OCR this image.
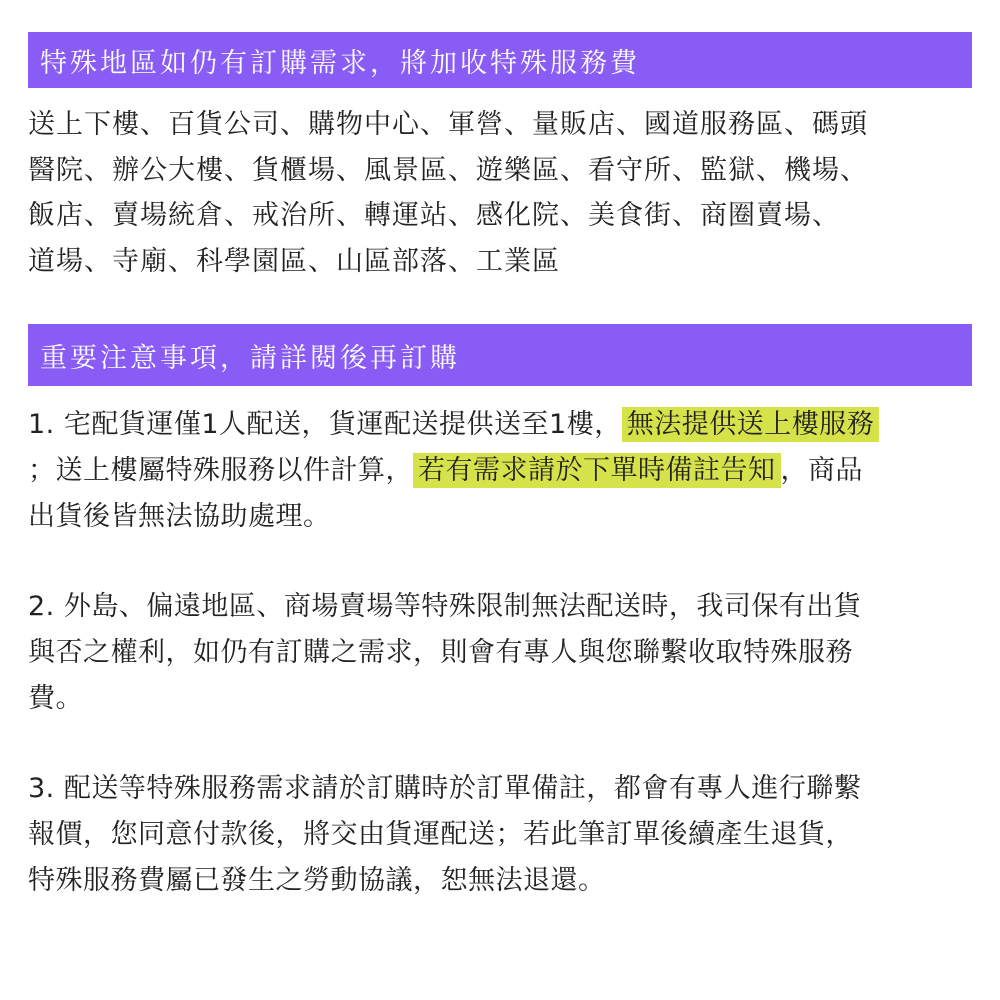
特殊地區如仍有訂購需求，將加收特殊服務費
送上下樓、百貨公司、購物中心、軍營、量販店、國道服務區、碼頭
醫院、辦公大樓、貨櫃場、風景區、遊樂區、看守所、監獄、機場、
飯店、賣場統倉、戒治所、轉運站、感化院、美食街、商圈賣場、
道場、寺廟、科學園區、山區部落、工業區
重要注意事項，請詳閱後再訂購
1. 宅配貨運僅1人配送，貨運配送提供送至1樓， 無法提供送上樓服務
；送上樓屬特殊服務以件計算， 若有需求請於下單時備註告知 ，商品
出貨後皆無法協助處理。
2. 外島、偏遠地區、商場賣場等特殊限制無法配送時，我司保有出貨
與否之權利，如仍有訂購之需求，則會有專人與您聯繫收取特殊服務
費。
3. 配送等特殊服務需求請於訂購時於訂單備註，都會有專人進行聯繫
報價，您同意付款後，將交由貨運配送；若此筆訂單後續產生退貨，
特殊服務費屬已發生之勞動協議，恕無法退還。
